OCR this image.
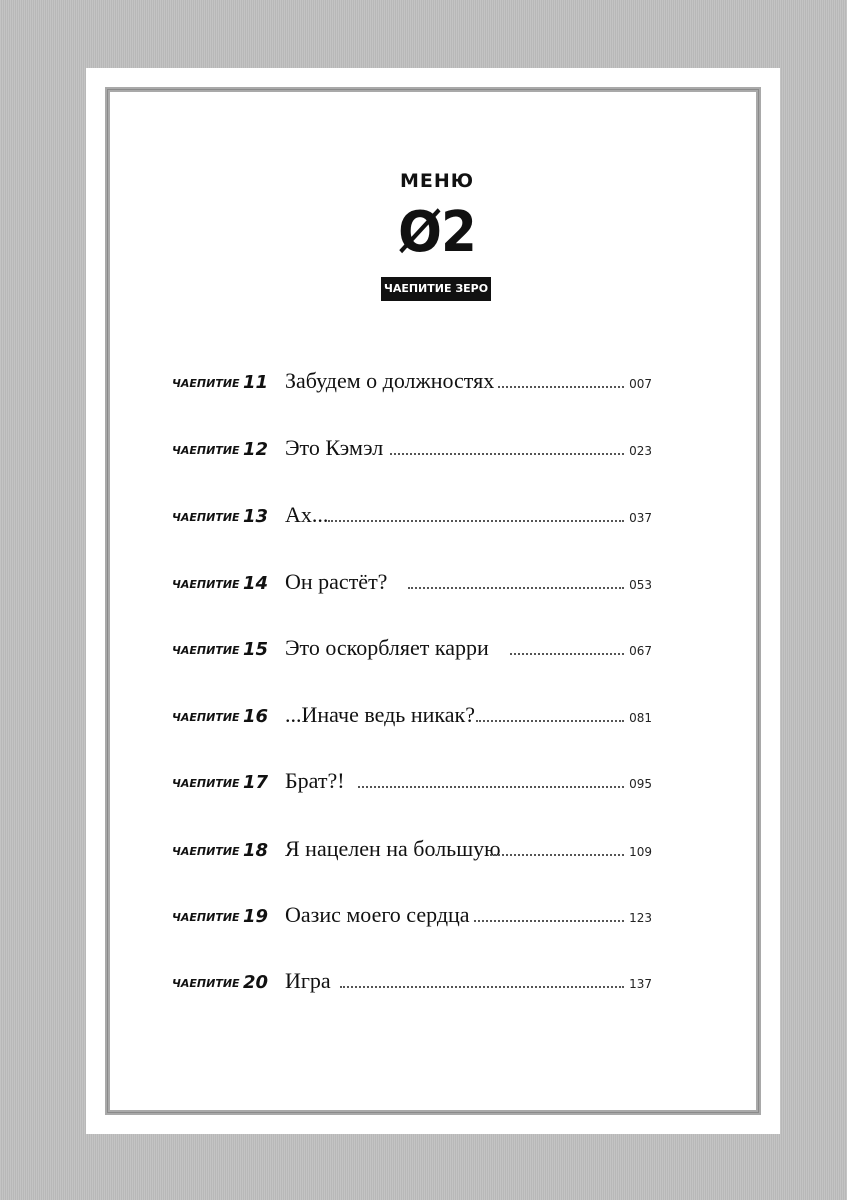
МЕНЮ
Ø2
ЧАЕПИТИЕ ЗЕРО
ЧАЕПИТИЕ 11 Забудем о должностях	007
ЧАЕПИТИЕ 12 Это Кэмэл	023
ЧАЕПИТИЕ 13 Ах...	037
ЧАЕПИТИЕ 14 Он растёт?	053
ЧАЕПИТИЕ 15 Это оскорбляет карри	067
ЧАЕПИТИЕ 16 ...Иначе ведь никак?	081
ЧАЕПИТИЕ 17 Брат?!	095
ЧАЕПИТИЕ 18 Я нацелен на большую	109
ЧАЕПИТИЕ 19 Оазис моего сердца	123
ЧАЕПИТИЕ 20 Игра	137
